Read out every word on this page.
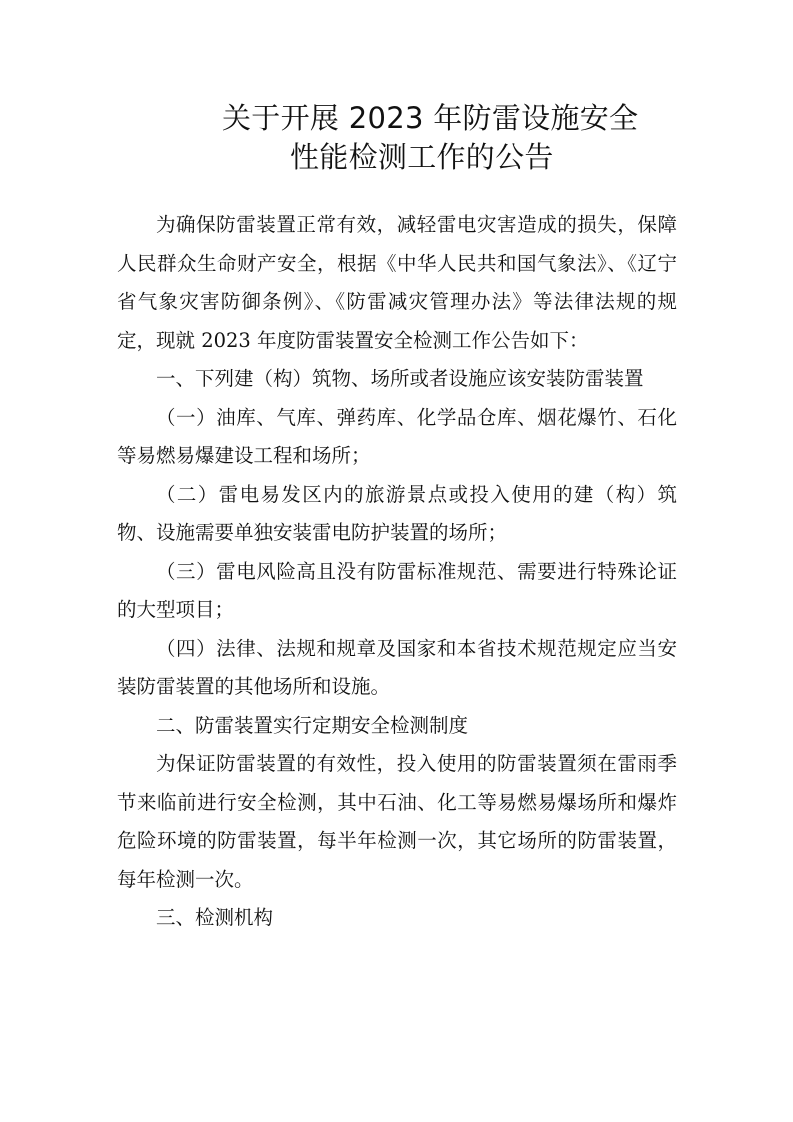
关于开展 2023 年防雷设施安全
性能检测工作的公告

为确保防雷装置正常有效，减轻雷电灾害造成的损失，保障人民群众生命财产安全，根据《中华人民共和国气象法》、《辽宁省气象灾害防御条例》、《防雷减灾管理办法》等法律法规的规定，现就 2023 年度防雷装置安全检测工作公告如下：

一、下列建（构）筑物、场所或者设施应该安装防雷装置

（一）油库、气库、弹药库、化学品仓库、烟花爆竹、石化等易燃易爆建设工程和场所；

（二）雷电易发区内的旅游景点或投入使用的建（构）筑物、设施需要单独安装雷电防护装置的场所；

（三）雷电风险高且没有防雷标准规范、需要进行特殊论证的大型项目；

（四）法律、法规和规章及国家和本省技术规范规定应当安装防雷装置的其他场所和设施。

二、防雷装置实行定期安全检测制度

为保证防雷装置的有效性，投入使用的防雷装置须在雷雨季节来临前进行安全检测，其中石油、化工等易燃易爆场所和爆炸危险环境的防雷装置，每半年检测一次，其它场所的防雷装置，每年检测一次。

三、检测机构
